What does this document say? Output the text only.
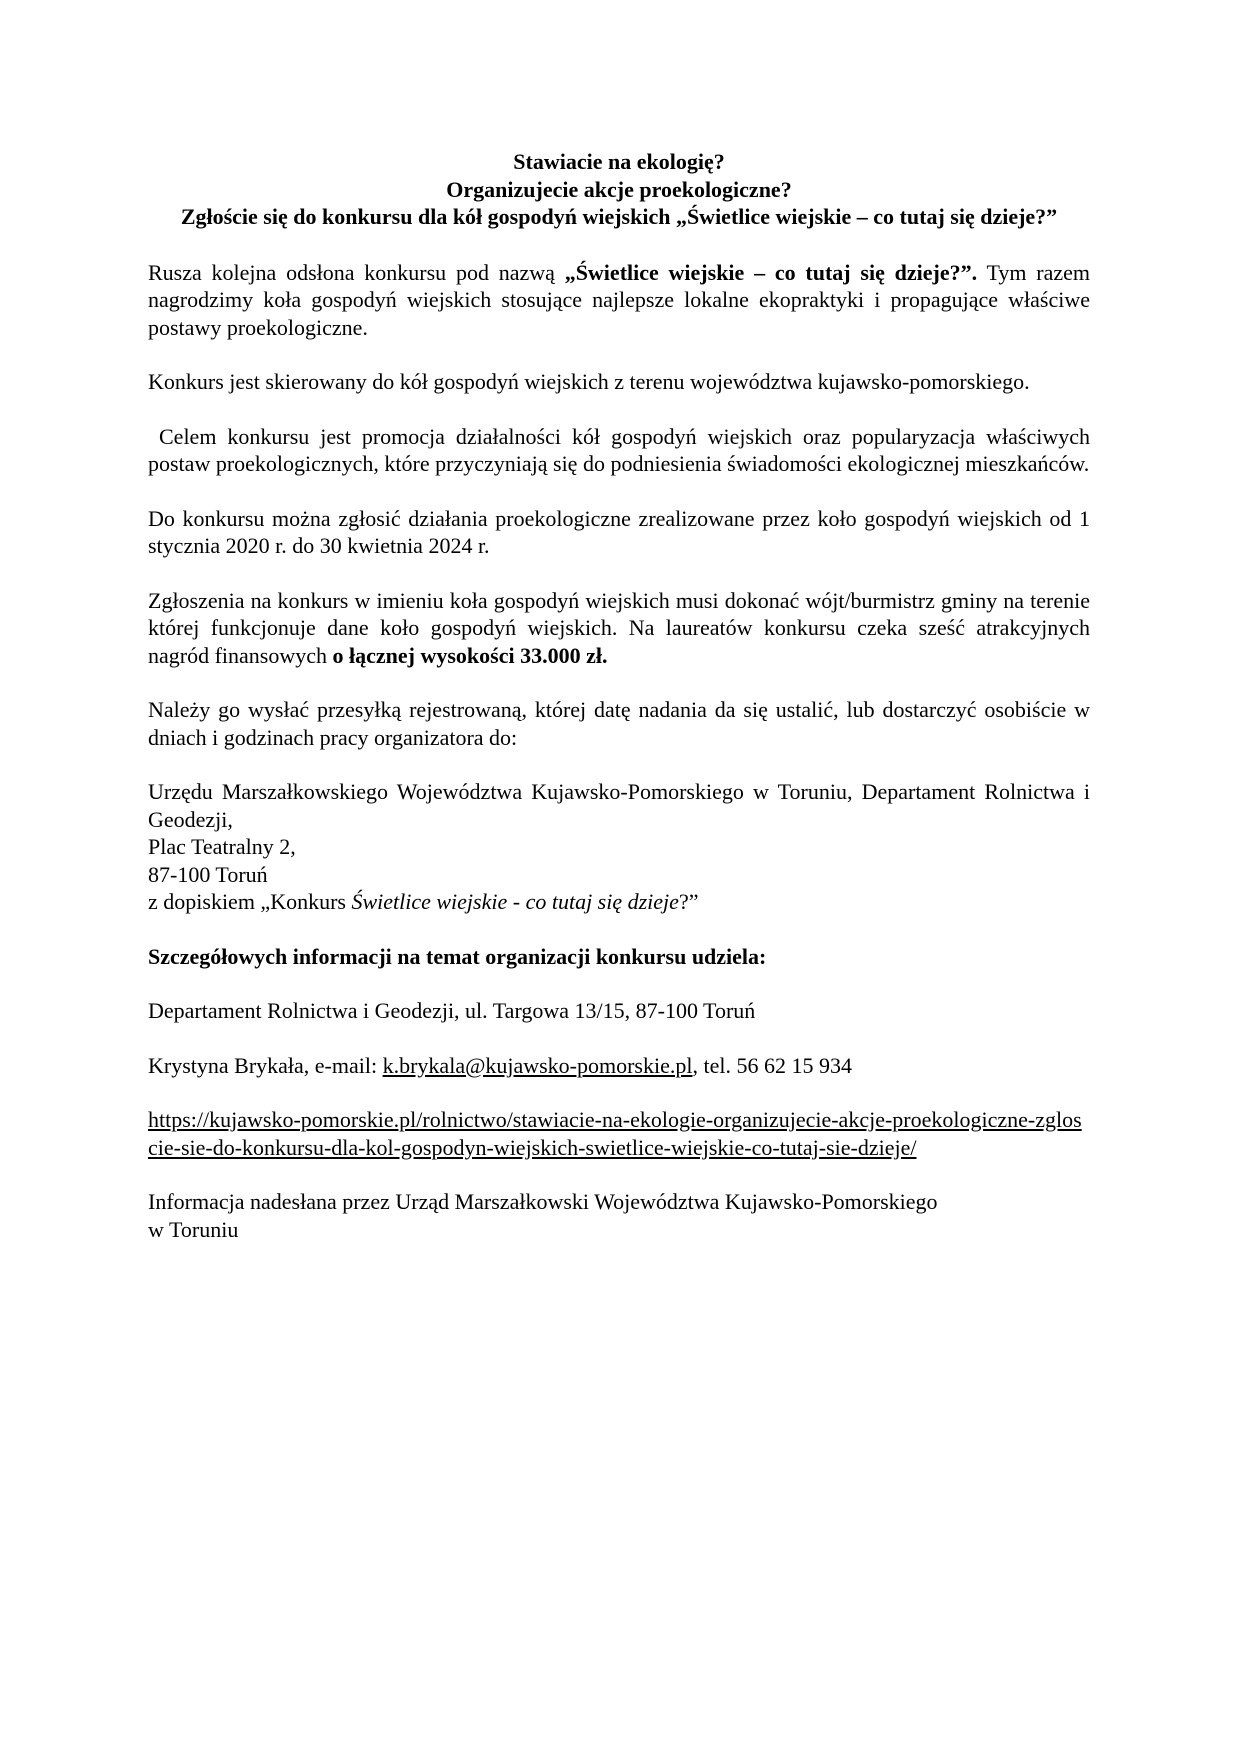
Stawiacie na ekologię?
Organizujecie akcje proekologiczne?
Zgłoście się do konkursu dla kół gospodyń wiejskich „Świetlice wiejskie – co tutaj się dzieje?”

Rusza kolejna odsłona konkursu pod nazwą „Świetlice wiejskie – co tutaj się dzieje?”. Tym razem nagrodzimy koła gospodyń wiejskich stosujące najlepsze lokalne ekopraktyki i propagujące właściwe postawy proekologiczne.

Konkurs jest skierowany do kół gospodyń wiejskich z terenu województwa kujawsko-pomorskiego.

Celem konkursu jest promocja działalności kół gospodyń wiejskich oraz popularyzacja właściwych postaw proekologicznych, które przyczyniają się do podniesienia świadomości ekologicznej mieszkańców.

Do konkursu można zgłosić działania proekologiczne zrealizowane przez koło gospodyń wiejskich od 1 stycznia 2020 r. do 30 kwietnia 2024 r.

Zgłoszenia na konkurs w imieniu koła gospodyń wiejskich musi dokonać wójt/burmistrz gminy na terenie której funkcjonuje dane koło gospodyń wiejskich. Na laureatów konkursu czeka sześć atrakcyjnych nagród finansowych o łącznej wysokości 33.000 zł.

Należy go wysłać przesyłką rejestrowaną, której datę nadania da się ustalić, lub dostarczyć osobiście w dniach i godzinach pracy organizatora do:

Urzędu Marszałkowskiego Województwa Kujawsko-Pomorskiego w Toruniu, Departament Rolnictwa i Geodezji,
Plac Teatralny 2,
87-100 Toruń
z dopiskiem „Konkurs Świetlice wiejskie - co tutaj się dzieje?”

Szczegółowych informacji na temat organizacji konkursu udziela:

Departament Rolnictwa i Geodezji, ul. Targowa 13/15, 87-100 Toruń

Krystyna Brykała, e-mail: k.brykala@kujawsko-pomorskie.pl, tel. 56 62 15 934

https://kujawsko-pomorskie.pl/rolnictwo/stawiacie-na-ekologie-organizujecie-akcje-proekologiczne-zgloscie-sie-do-konkursu-dla-kol-gospodyn-wiejskich-swietlice-wiejskie-co-tutaj-sie-dzieje/

Informacja nadesłana przez Urząd Marszałkowski Województwa Kujawsko-Pomorskiego
w Toruniu
